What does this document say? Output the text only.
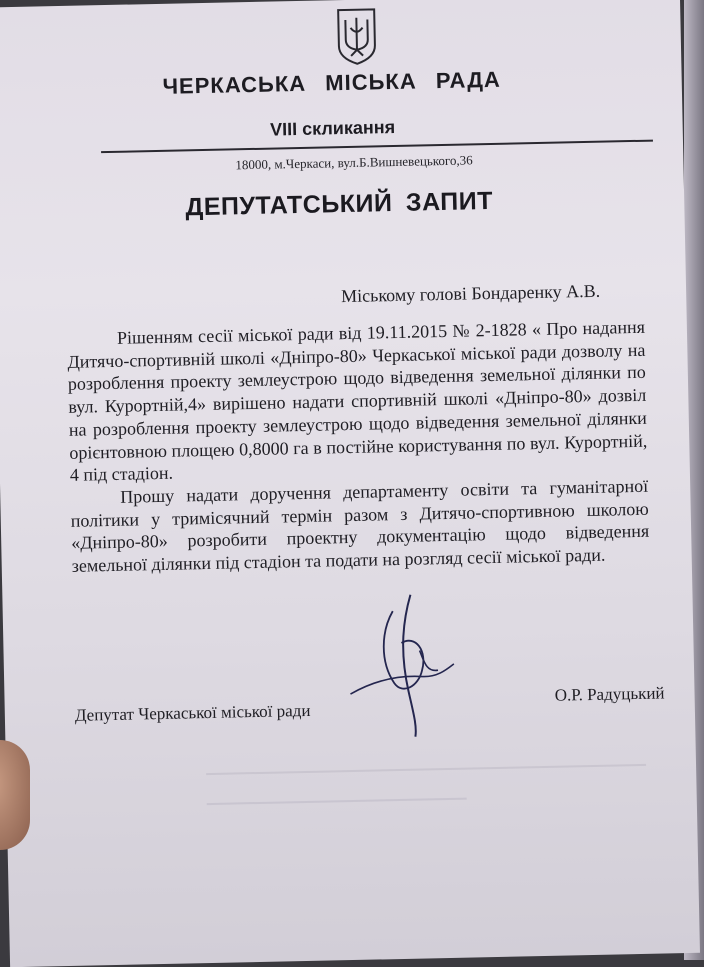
ЧЕРКАСЬКА МІСЬКА РАДА
VIII скликання
18000, м.Черкаси, вул.Б.Вишневецького,36
ДЕПУТАТСЬКИЙ ЗАПИТ
Міському голові Бондаренку А.В.

Рішенням сесії міської ради від 19.11.2015 № 2-1828 « Про надання Дитячо-спортивній школі «Дніпро-80» Черкаської міської ради дозволу на розроблення проекту землеустрою щодо відведення земельної ділянки по вул. Курортній,4» вирішено надати спортивній школі «Дніпро-80» дозвіл на розроблення проекту землеустрою щодо відведення земельної ділянки орієнтовною площею 0,8000 га в постійне користування по вул. Курортній, 4 під стадіон.

Прошу надати доручення департаменту освіти та гуманітарної політики у тримісячний термін разом з Дитячо-спортивною школою «Дніпро-80» розробити проектну документацію щодо відведення земельної ділянки під стадіон та подати на розгляд сесії міської ради.

Депутат Черкаської міської ради
О.Р. Радуцький
